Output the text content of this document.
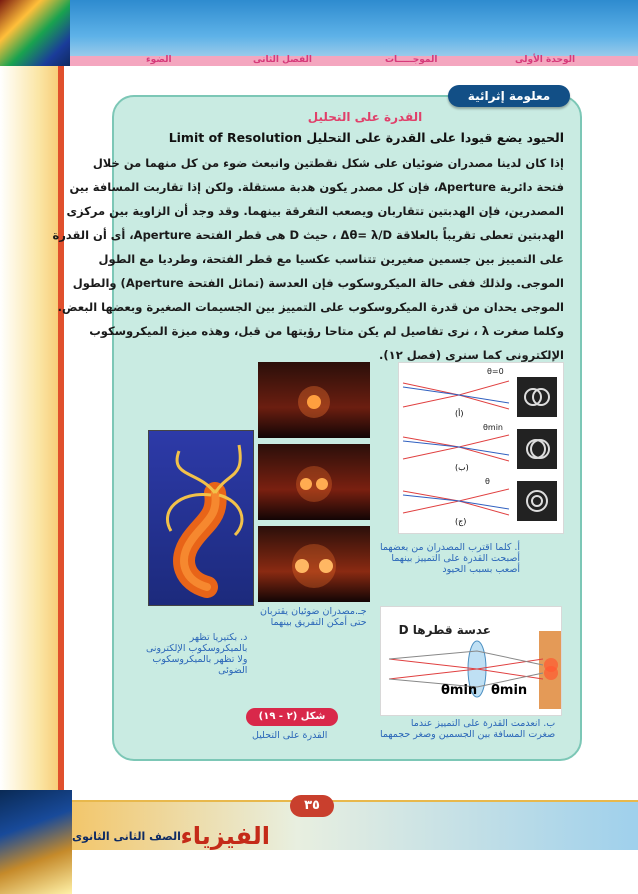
الوحدة الأولى
الموجـــــات
الفصل الثانى
الضوء
معلومة إثرائية
القدرة على التحليل
الحيود يضع قيودا على القدرة على التحليل Limit of Resolution
إذا كان لدينا مصدران ضوئيان على شكل نقطتين وانبعث ضوء من كل منهما من خلال
فتحة دائرية Aperture، فإن كل مصدر يكون هدبة مستقلة. ولكن إذا تقاربت المسافة بين
المصدرين، فإن الهدبتين تتقاربان ويصعب التفرقة بينهما. وقد وجد أن الزاوية بين مركزى
الهدبتين تعطى تقريباً بالعلاقة Δθ= λ/D ، حيث D هى قطر الفتحة Aperture، أى أن القدرة
على التمييز بين جسمين صغيرين تتناسب عكسيا مع قطر الفتحة، وطرديا مع الطول
الموجى. ولذلك ففى حالة الميكروسكوب فإن العدسة (تماثل الفتحة Aperture) والطول
الموجى يحدان من قدرة الميكروسكوب على التمييز بين الجسيمات الصغيرة وبعضها البعض.
وكلما صغرت λ ، نرى تفاصيل لم يكن متاحا رؤيتها من قبل، وهذه ميزة الميكروسكوب
الإلكترونى كما سنرى (فصل ١٢).
θ=0
θmin
θ
(أ)
(ب)
(ج)
عدسة قطرها D
θmin θmin
أ. كلما اقترب المصدران من بعضهما
أصبحت القدرة على التمييز بينهما
أصعب بسبب الحيود
جـ.مصدران ضوئيان يقتربان
حتى أمكن التفريق بينهما
د. بكتيريا تظهر
بالميكروسكوب الإلكترونى
ولا تظهر بالميكروسكوب
الضوئى
ب. انعدمت القدرة على التمييز عندما
صغرت المسافة بين الجسمين وصغر حجمهما
شكل (٢ - ١٩)
القدرة على التحليل
٣٥
الفيزياء
الصف الثانى الثانوى
